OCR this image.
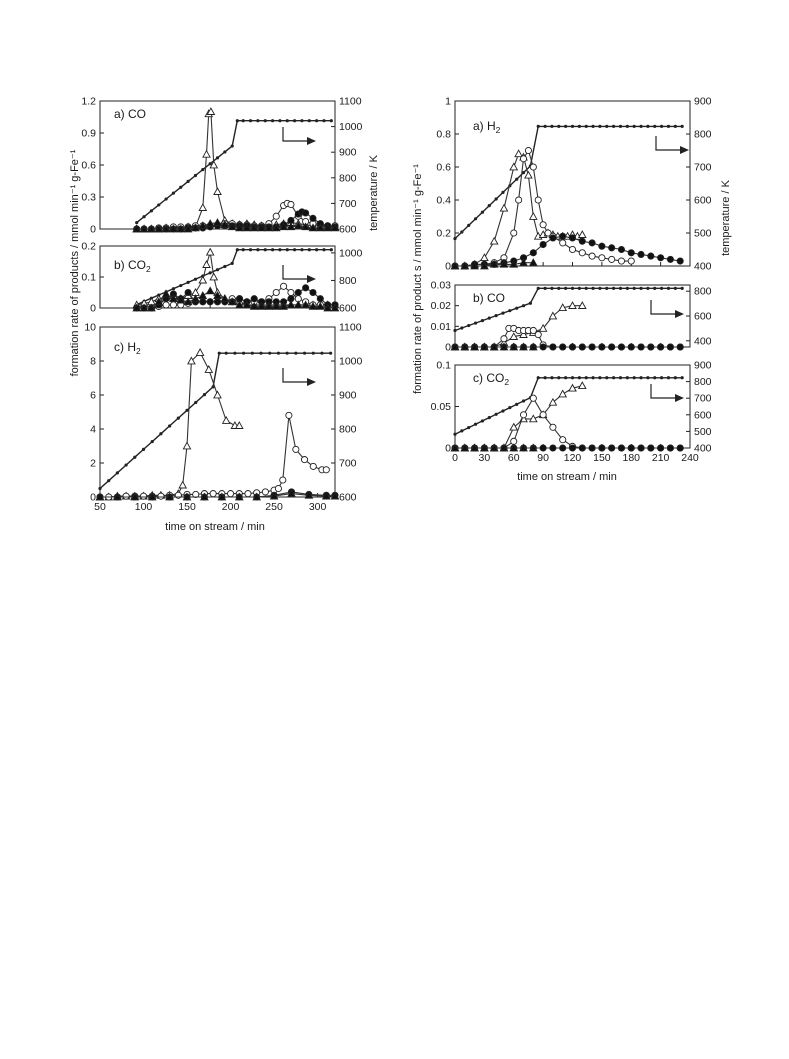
0
0.3
0.6
0.9
1.2
600
700
800
900
1000
1100
a) CO
0
0.1
0.2
600
800
1000
b) $CO_2$
0
2
4
6
8
10
600
700
800
900
1000
1100
50	100 150 200 250 300
c) $H_2$
0
0.2
0.4
0.6
0.8
1
400
500
600
700
800
900
a) $H_2$
0
0.01
0.02
0.03
400
600
800
b) CO
0
0.05
0.1
400
500
600
700
800
900
0 30 60 90 120 150 180 210 240
c) $CO_2$
formation rate of products / mmol min⁻¹ g-Fe⁻¹	temperature / K
time on stream / min
formation rate of product s / mmol min⁻¹ g-Fe⁻¹	temperature / K
time on stream / min
